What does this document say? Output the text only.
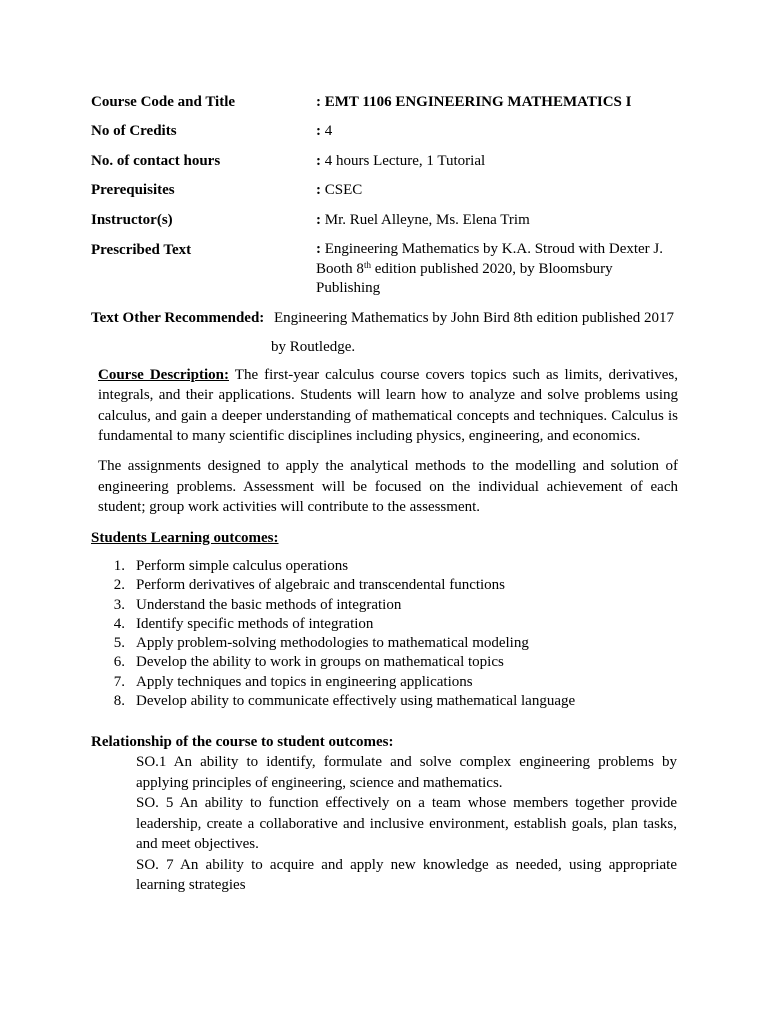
Course Code and Title	: EMT 1106 ENGINEERING MATHEMATICS I
No of Credits	: 4
No. of contact hours	: 4 hours Lecture, 1 Tutorial
Prerequisites	: CSEC
Instructor(s)	: Mr. Ruel Alleyne, Ms. Elena Trim
Prescribed Text	: Engineering Mathematics by K.A. Stroud with Dexter J. Booth 8th edition published 2020, by Bloomsbury Publishing
Text Other Recommended: Engineering Mathematics by John Bird 8th edition published 2017
by Routledge.

Course Description: The first-year calculus course covers topics such as limits, derivatives, integrals, and their applications. Students will learn how to analyze and solve problems using calculus, and gain a deeper understanding of mathematical concepts and techniques. Calculus is fundamental to many scientific disciplines including physics, engineering, and economics.

The assignments designed to apply the analytical methods to the modelling and solution of engineering problems. Assessment will be focused on the individual achievement of each student; group work activities will contribute to the assessment.

Students Learning outcomes:
1. Perform simple calculus operations
2. Perform derivatives of algebraic and transcendental functions
3. Understand the basic methods of integration
4. Identify specific methods of integration
5. Apply problem-solving methodologies to mathematical modeling
6. Develop the ability to work in groups on mathematical topics
7. Apply techniques and topics in engineering applications
8. Develop ability to communicate effectively using mathematical language
Relationship of the course to student outcomes:

SO.1 An ability to identify, formulate and solve complex engineering problems by applying principles of engineering, science and mathematics.

SO. 5 An ability to function effectively on a team whose members together provide leadership, create a collaborative and inclusive environment, establish goals, plan tasks, and meet objectives.

SO. 7 An ability to acquire and apply new knowledge as needed, using appropriate learning strategies
